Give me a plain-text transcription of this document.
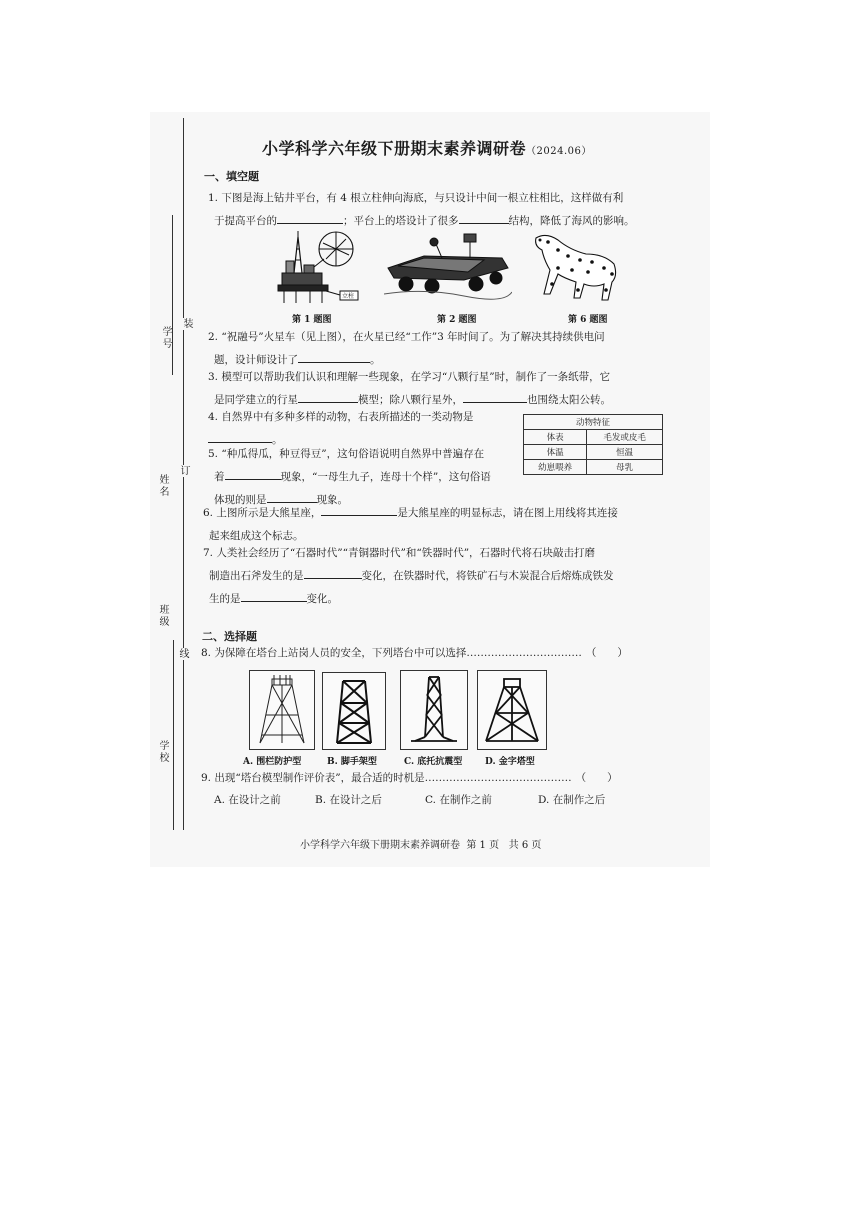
学号
姓名
班级
学校
装
订
线
小学科学六年级下册期末素养调研卷（2024.06）
一、填空题
1. 下图是海上钻井平台，有 4 根立柱伸向海底，与只设计中间一根立柱相比，这样做有利
于提高平台的	；平台上的塔设计了很多	结构，降低了海风的影响。
立柱
第 1 题图	第 2 题图	第 6 题图
2. “祝融号”火星车（见上图），在火星已经“工作”3 年时间了。为了解决其持续供电问
题，设计师设计了	。
3. 模型可以帮助我们认识和理解一些现象，在学习“八颗行星”时，制作了一条纸带，它
是同学建立的行星	模型；除八颗行星外，	也围绕太阳公转。
4. 自然界中有多种多样的动物，右表所描述的一类动物是
。
动物特征	
体表	毛发或皮毛
体温	恒温
幼崽喂养	母乳
5. “种瓜得瓜，种豆得豆”，这句俗语说明自然界中普遍存在
着	现象，“一母生九子，连母十个样”，这句俗语
体现的则是	现象。
6. 上图所示是大熊星座，	是大熊星座的明显标志，请在图上用线将其连接
起来组成这个标志。
7. 人类社会经历了“石器时代”“青铜器时代”和“铁器时代”，石器时代将石块敲击打磨
制造出石斧发生的是	变化，在铁器时代，将铁矿石与木炭混合后熔炼成铁发
生的是	变化。
二、选择题
8. 为保障在塔台上站岗人员的安全，下列塔台中可以选择…………………………… （　　）
A. 围栏防护型	B. 脚手架型	C. 底托抗震型	D. 金字塔型
9. 出现“塔台模型制作评价表”，最合适的时机是…………………………………… （　　）
A. 在设计之前	B. 在设计之后	C. 在制作之前	D. 在制作之后
小学科学六年级下册期末素养调研卷 第 1 页 共 6 页
